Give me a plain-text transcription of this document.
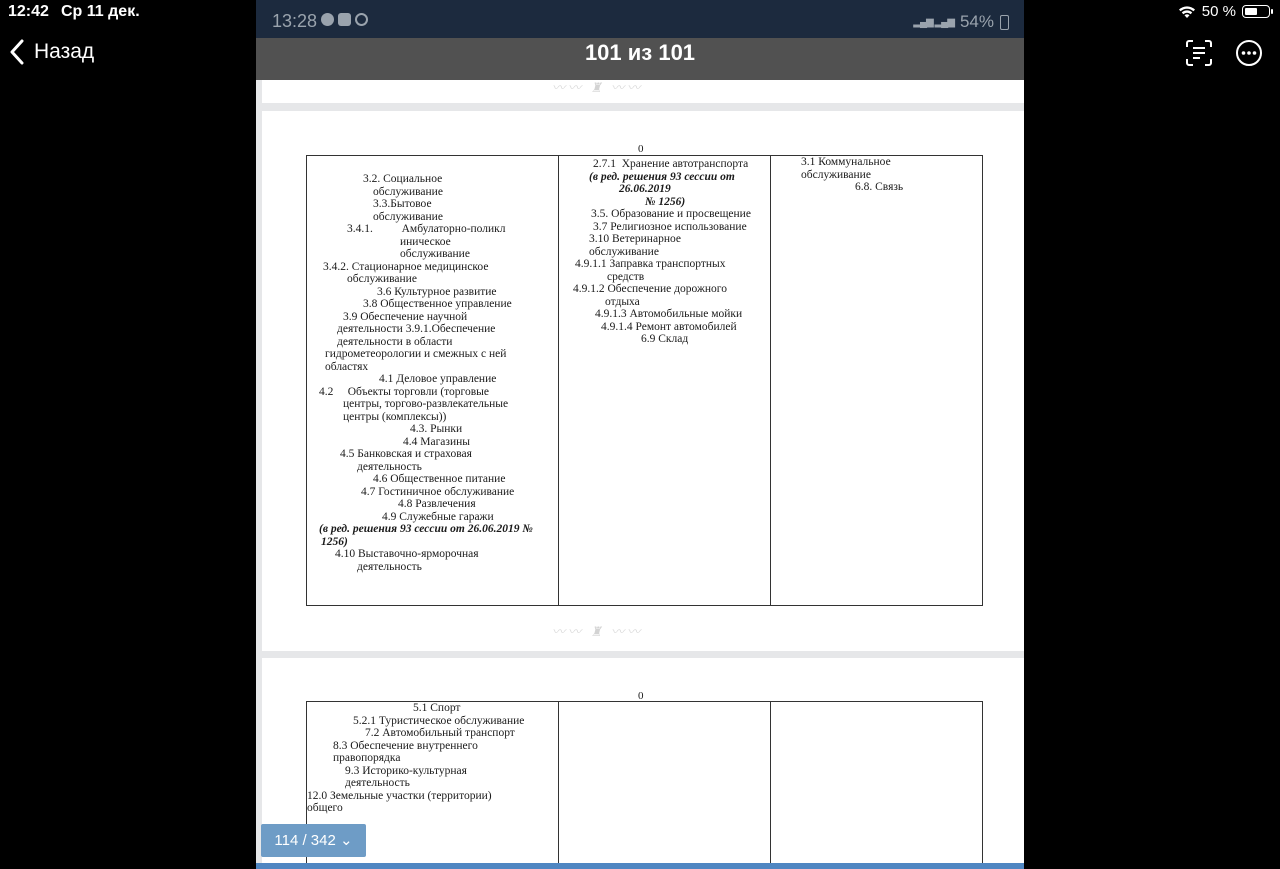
12:42 Ср 11 дек.	50 %
Назад
13:28	▂▄▆ ▂▄▆ 54%
101 из 101
〰〰 ♜ 〰〰
0
3.2. Социальное
обслуживание
3.3.Бытовое
обслуживание
3.4.1.          Амбулаторно-поликл
иническое
обслуживание
3.4.2. Стационарное медицинское
обслуживание
3.6 Культурное развитие
3.8 Общественное управление
3.9 Обеспечение научной
деятельности 3.9.1.Обеспечение
деятельности в области
гидрометеорологии и смежных с ней
областях
4.1 Деловое управление
4.2     Объекты торговли (торговые
центры, торгово-развлекательные
центры (комплексы))
4.3. Рынки
4.4 Магазины
4.5 Банковская и страховая
деятельность
4.6 Общественное питание
4.7 Гостиничное обслуживание
4.8 Развлечения
4.9 Служебные гаражи
(в ред. решения 93 сессии от 26.06.2019 №
1256)
4.10 Выставочно-ярморочная
деятельность

2.7.1  Хранение автотранспорта
(в ред. решения 93 сессии от
26.06.2019
№ 1256)
3.5. Образование и просвещение
3.7 Религиозное использование
3.10 Ветеринарное
обслуживание
4.9.1.1 Заправка транспортных
средств
4.9.1.2 Обеспечение дорожного
отдыха
4.9.1.3 Автомобильные мойки
4.9.1.4 Ремонт автомобилей
6.9 Склад

3.1 Коммунальное
обслуживание
6.8. Связь
〰〰 ♜ 〰〰
0
5.1 Спорт
5.2.1 Туристическое обслуживание
7.2 Автомобильный транспорт
8.3 Обеспечение внутреннего
правопорядка
9.3 Историко-культурная
деятельность
12.0 Земельные участки (территории)
общего

114 / 342 ⌄
